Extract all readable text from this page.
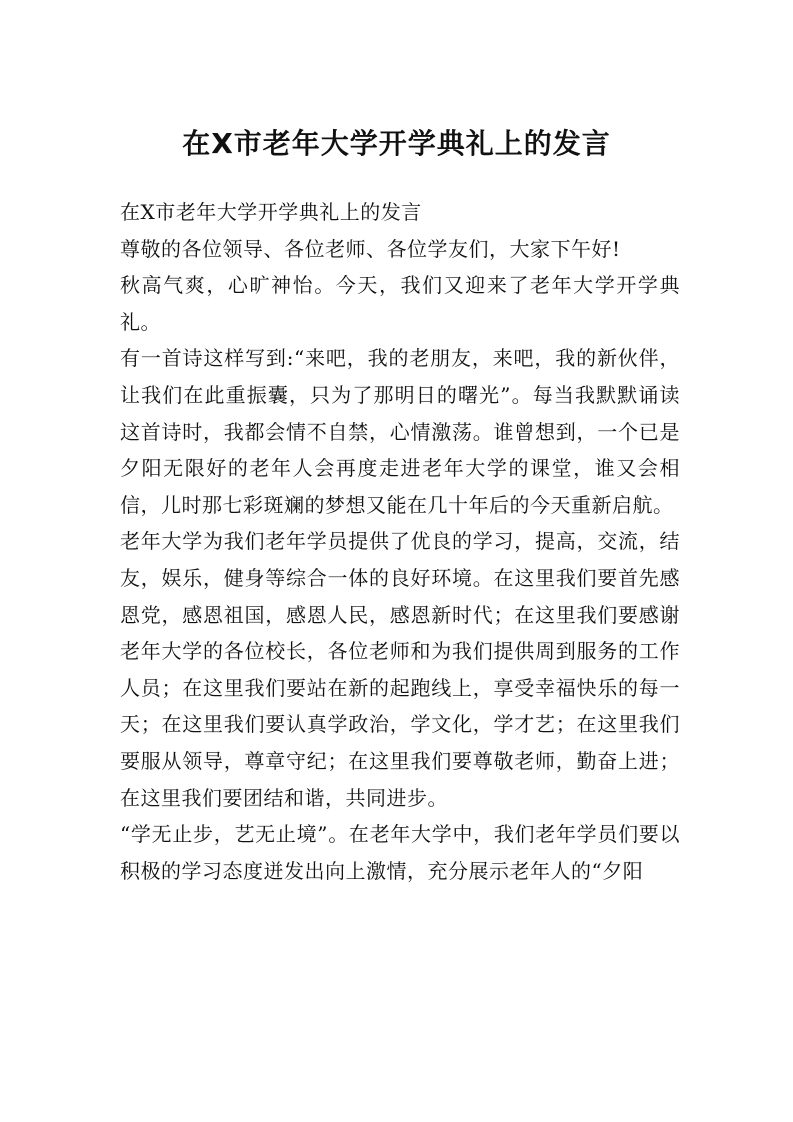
在X市老年大学开学典礼上的发言

在X市老年大学开学典礼上的发言

尊敬的各位领导、各位老师、各位学友们，大家下午好!

秋高气爽，心旷神怡。今天，我们又迎来了老年大学开学典礼。

有一首诗这样写到:“来吧，我的老朋友，来吧，我的新伙伴，让我们在此重振囊，只为了那明日的曙光”。每当我默默诵读这首诗时，我都会情不自禁，心情激荡。谁曾想到，一个已是夕阳无限好的老年人会再度走进老年大学的课堂，谁又会相信，儿时那七彩斑斓的梦想又能在几十年后的今天重新启航。

老年大学为我们老年学员提供了优良的学习，提高，交流，结友，娱乐，健身等综合一体的良好环境。在这里我们要首先感恩党，感恩祖国，感恩人民，感恩新时代；在这里我们要感谢老年大学的各位校长，各位老师和为我们提供周到服务的工作人员；在这里我们要站在新的起跑线上，享受幸福快乐的每一天；在这里我们要认真学政治，学文化，学才艺；在这里我们要服从领导，尊章守纪；在这里我们要尊敬老师，勤奋上进；在这里我们要团结和谐，共同进步。

“学无止步，艺无止境”。在老年大学中，我们老年学员们要以积极的学习态度迸发出向上激情，充分展示老年人的“夕阳
